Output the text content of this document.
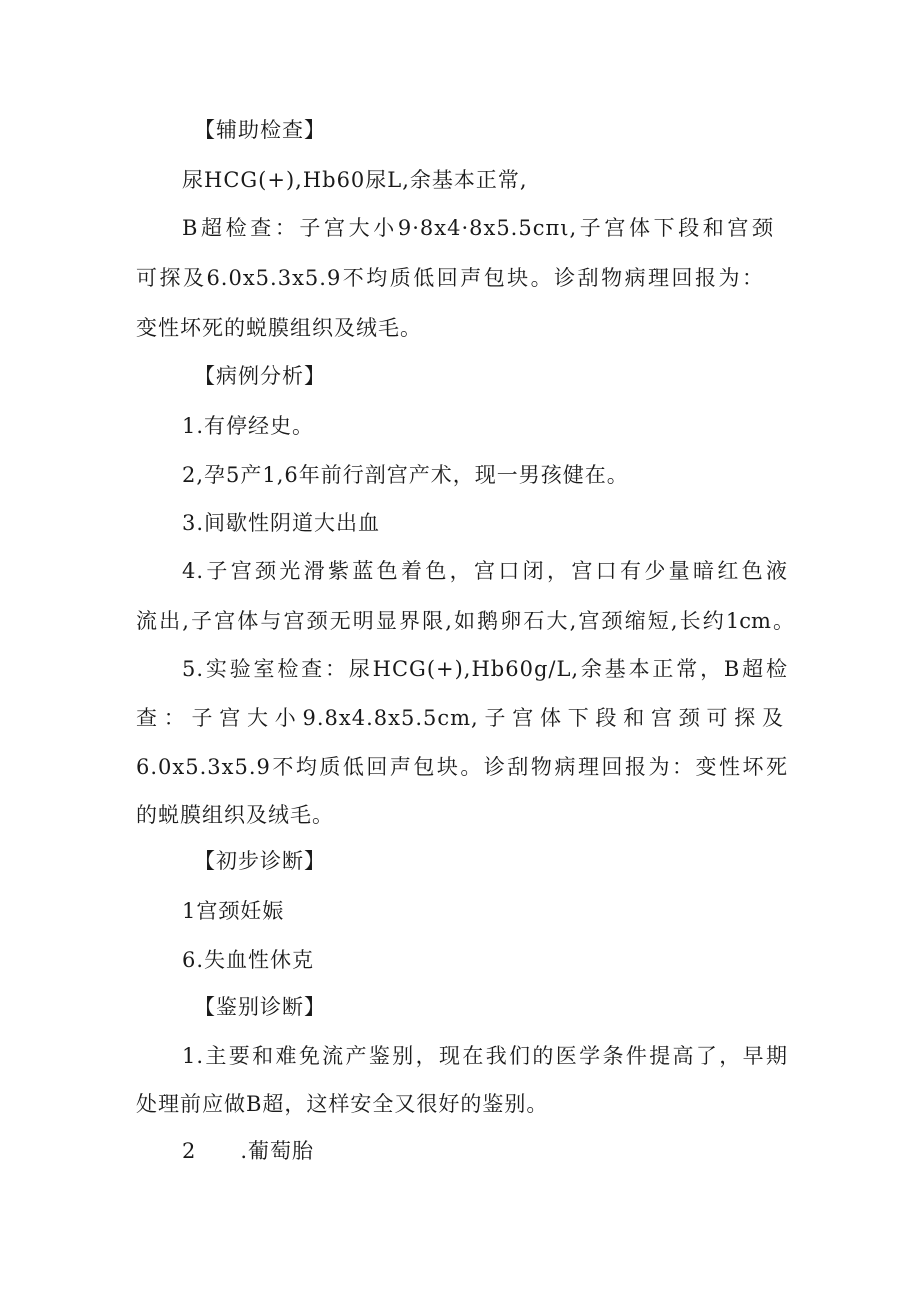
【辅助检查】
尿HCG(+),Hb60尿L,余基本正常,
B超检查：子宫大小9·8x4·8x5.5cπι,子宫体下段和宫颈
可探及6.0x5.3x5.9不均质低回声包块。诊刮物病理回报为：
变性坏死的蜕膜组织及绒毛。
【病例分析】
1.有停经史。
2,孕5产1,6年前行剖宫产术，现一男孩健在。
3.间歇性阴道大出血
4.子宫颈光滑紫蓝色着色，宫口闭，宫口有少量暗红色液
流出,子宫体与宫颈无明显界限,如鹅卵石大,宫颈缩短,长约1cm。
5.实验室检查：尿HCG(+),Hb60g/L,余基本正常，B超检
查：子宫大小9.8x4.8x5.5cm,子宫体下段和宫颈可探及
6.0x5.3x5.9不均质低回声包块。诊刮物病理回报为：变性坏死
的蜕膜组织及绒毛。
【初步诊断】
1宫颈妊娠
6.失血性休克
【鉴别诊断】
1.主要和难免流产鉴别，现在我们的医学条件提高了，早期
处理前应做B超，这样安全又很好的鉴别。
2　　.葡萄胎
